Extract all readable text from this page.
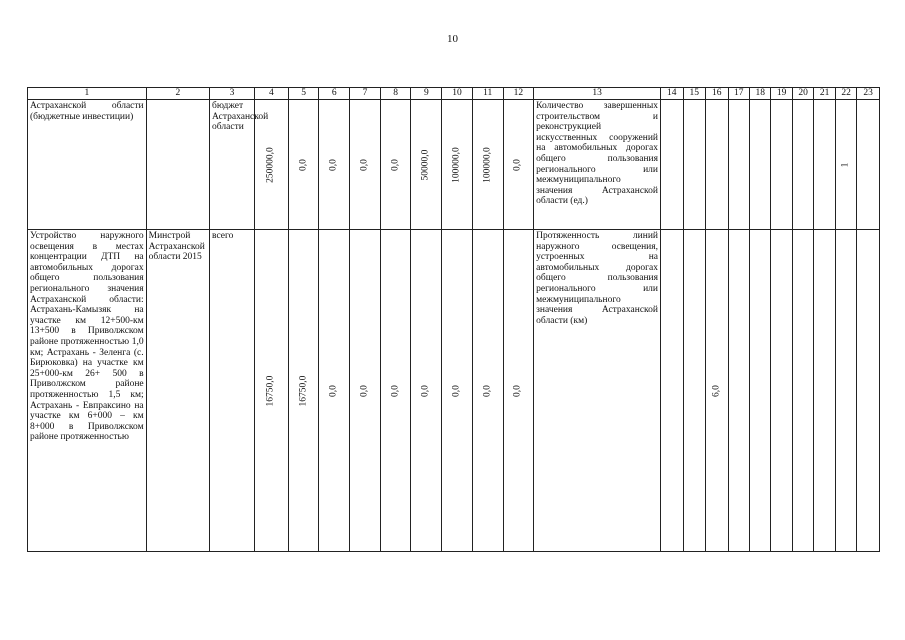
10
1	2	3	4	5	6	7	8	9	10	11	12	13	14	15	16	17	18	19	20	21	22	23
Астраханской области (бюджетные инвестиции)		бюджет Астраханской области	250000,0	0,0	0,0	0,0	0,0	50000,0	100000,0	100000,0	0,0	Количество завершенных строительством и реконструкцией искусственных сооружений на автомобильных дорогах общего пользования регионального или межмуниципального значения Астраханской области (ед.)									1	

Устройство наружного освещения в местах концентрации ДТП на автомобильных дорогах общего пользования регионального значения Астраханской области: Астрахань-Камызяк на участке км 12+500-км 13+500 в Приволжском районе протяженностью 1,0 км; Астрахань - Зеленга (с. Бирюковка) на участке км 25+000-км 26+ 500 в Приволжском районе протяженностью 1,5 км; Астрахань - Евпраксино на участке км 6+000 – км 8+000 в Приволжском районе протяженностью	Минстрой Астраханской области 2015	всего	16750,0	16750,0	0,0	0,0	0,0	0,0	0,0	0,0	0,0	Протяженность линий наружного освещения, устроенных на автомобильных дорогах общего пользования регионального или межмуниципального значения Астраханской области (км)			6,0							
